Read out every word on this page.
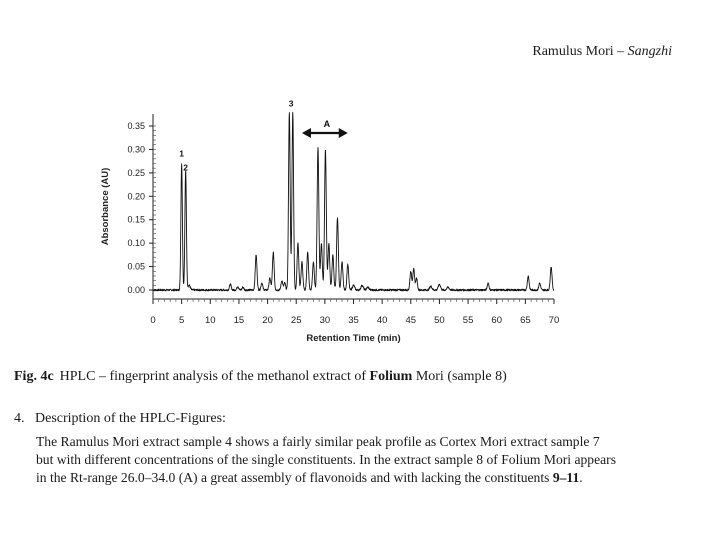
Ramulus Mori – Sangzhi
0.00
0.05
0.10
0.15
0.20
0.25
0.30
0.35
0 5 10 15 20 25 30 35 40 45 50 55 60 65 70
Retention Time (min)
Absorbance (AU)
1
2
3
A
Fig. 4c HPLC – fingerprint analysis of the methanol extract of Folium Mori (sample 8)
4. Description of the HPLC-Figures:
The Ramulus Mori extract sample 4 shows a fairly similar peak profile as Cortex Mori extract sample 7
but with different concentrations of the single constituents. In the extract sample 8 of Folium Mori appears
in the Rt-range 26.0–34.0 (A) a great assembly of flavonoids and with lacking the constituents 9–11.
